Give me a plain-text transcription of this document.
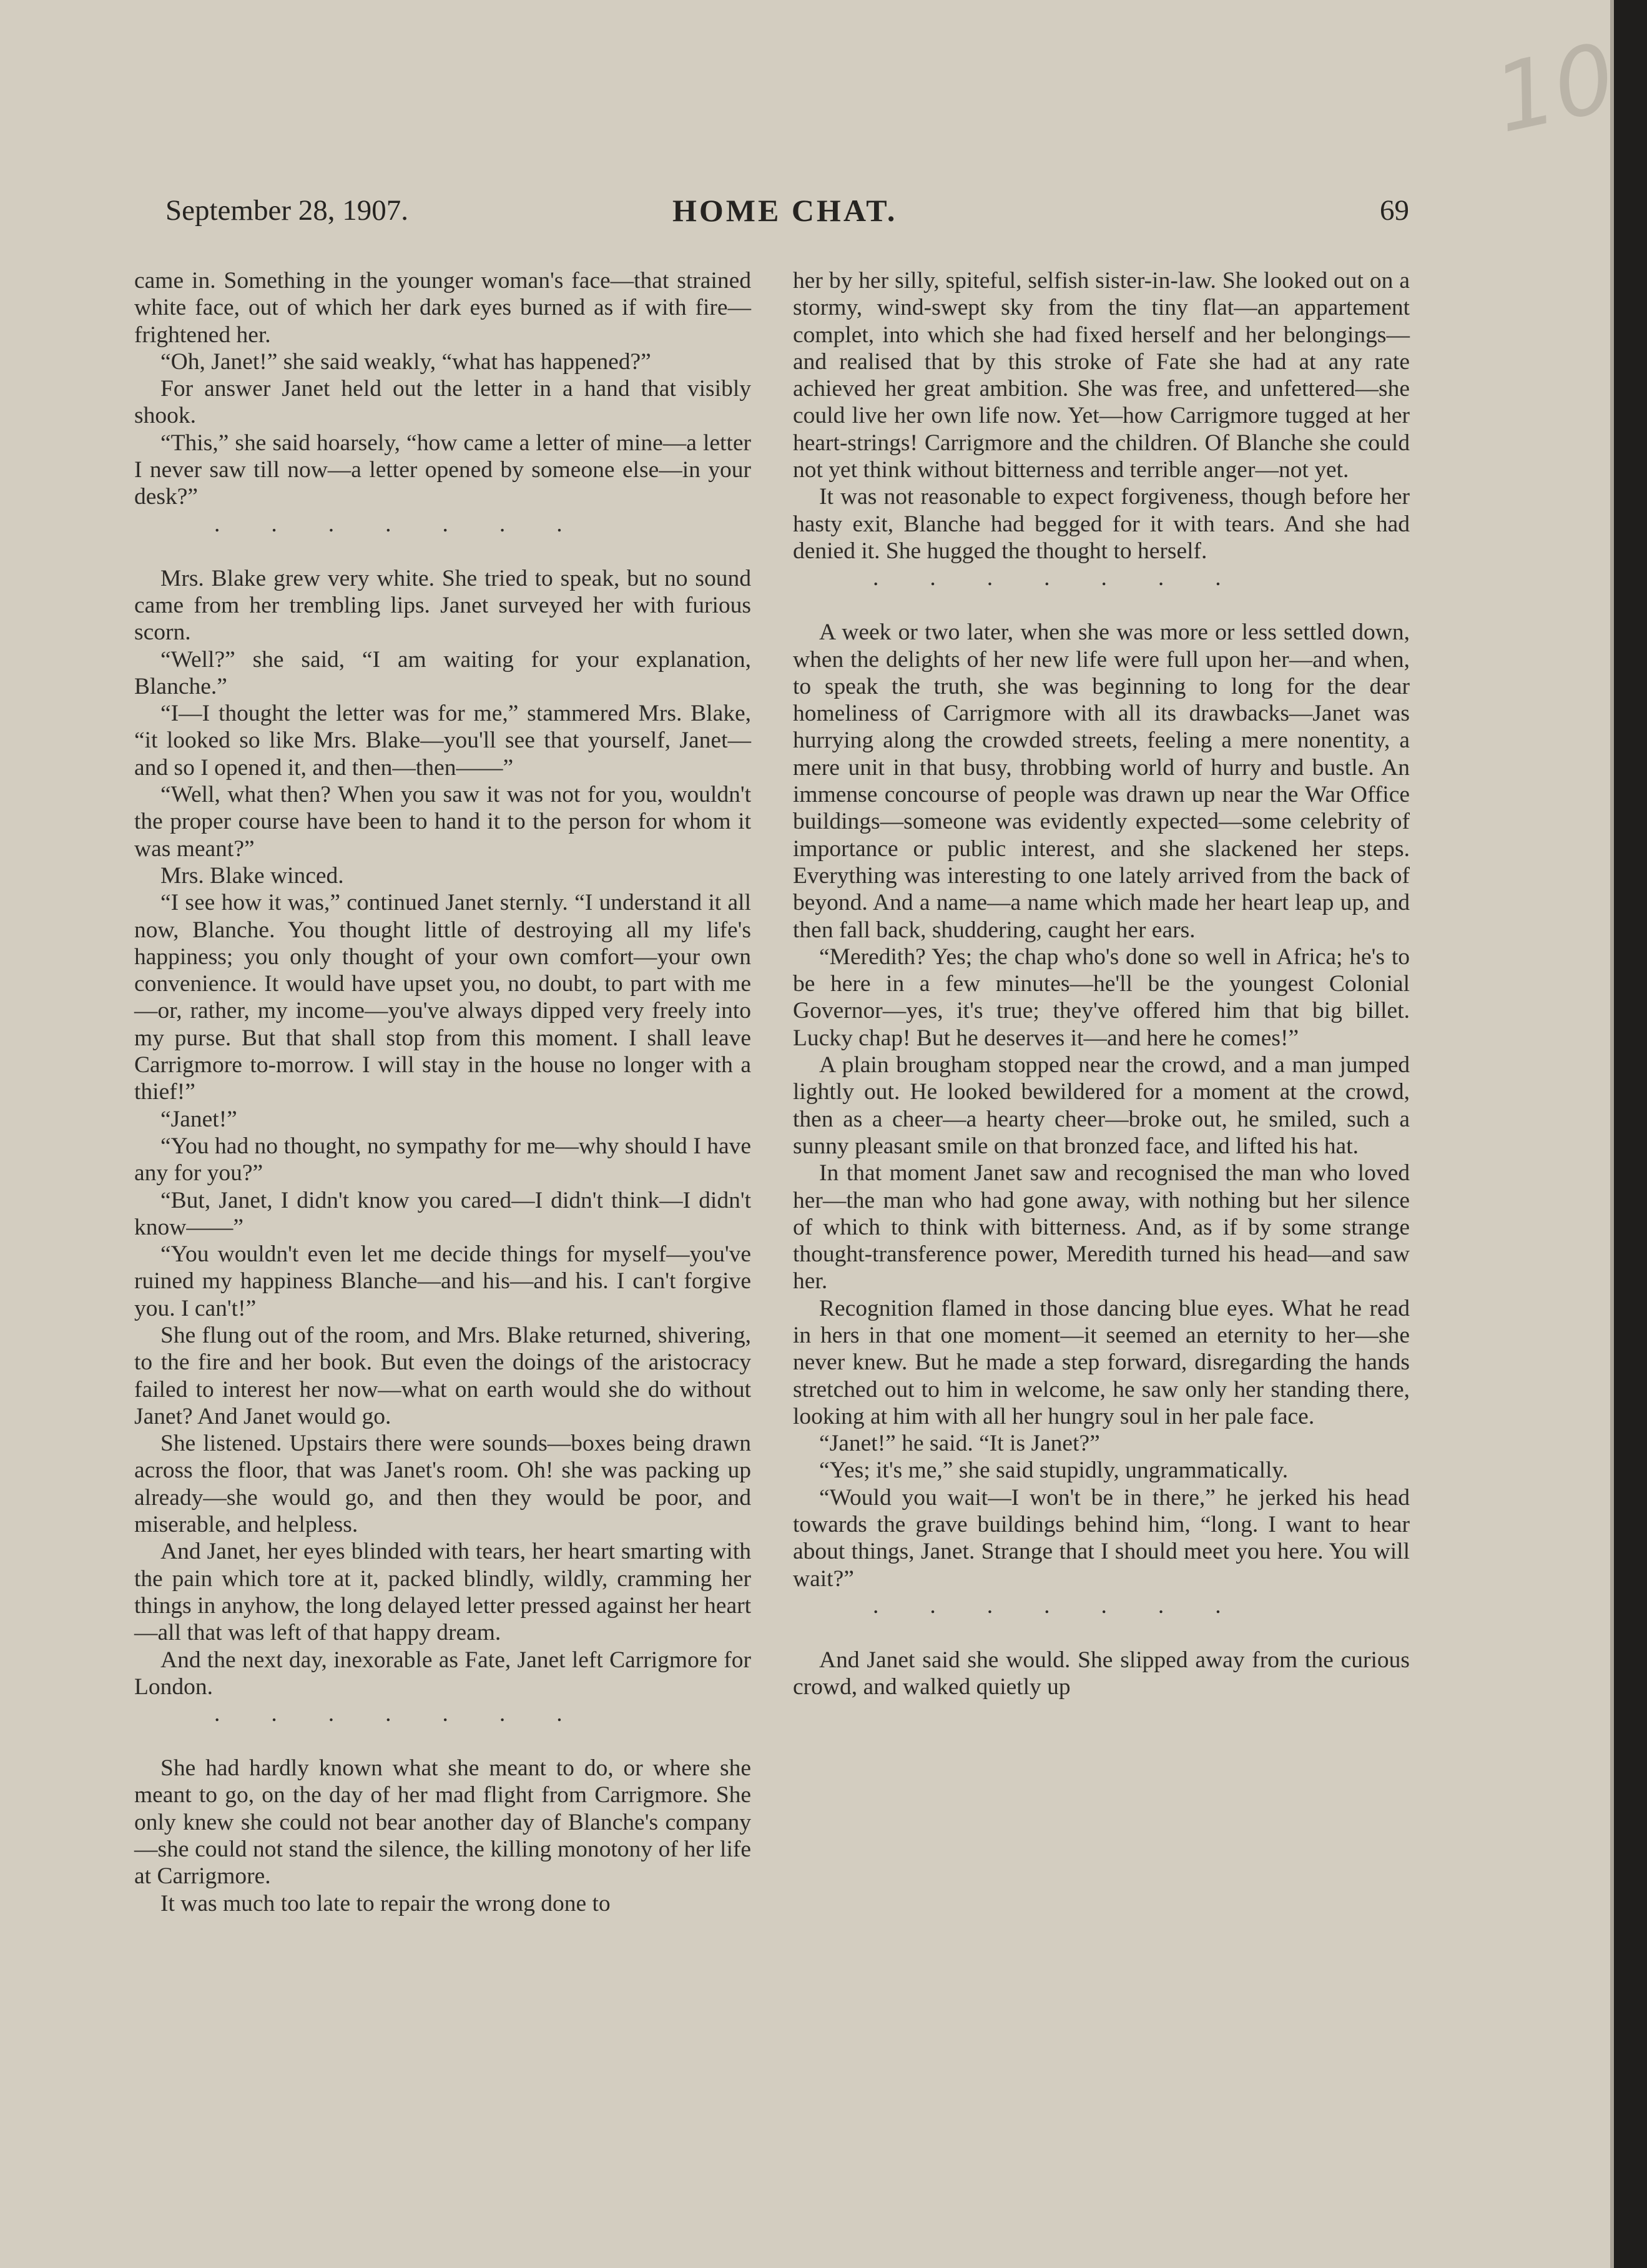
10
September 28, 1907.	HOME CHAT.	69

came in. Something in the younger woman's face—that strained white face, out of which her dark eyes burned as if with fire—frightened her.

“Oh, Janet!” she said weakly, “what has happened?”

For answer Janet held out the letter in a hand that visibly shook.

“This,” she said hoarsely, “how came a letter of mine—a letter I never saw till now—a letter opened by someone else—in your desk?”

.......

Mrs. Blake grew very white. She tried to speak, but no sound came from her trembling lips. Janet surveyed her with furious scorn.

“Well?” she said, “I am waiting for your explanation, Blanche.”

“I—I thought the letter was for me,” stammered Mrs. Blake, “it looked so like Mrs. Blake—you'll see that yourself, Janet—and so I opened it, and then—then——”

“Well, what then? When you saw it was not for you, wouldn't the proper course have been to hand it to the person for whom it was meant?”

Mrs. Blake winced.

“I see how it was,” continued Janet sternly. “I understand it all now, Blanche. You thought little of destroying all my life's happiness; you only thought of your own comfort—your own convenience. It would have upset you, no doubt, to part with me—or, rather, my income—you've always dipped very freely into my purse. But that shall stop from this moment. I shall leave Carrigmore to-morrow. I will stay in the house no longer with a thief!”

“Janet!”

“You had no thought, no sympathy for me—why should I have any for you?”

“But, Janet, I didn't know you cared—I didn't think—I didn't know——”

“You wouldn't even let me decide things for myself—you've ruined my happiness Blanche—and his—and his. I can't forgive you. I can't!”

She flung out of the room, and Mrs. Blake returned, shivering, to the fire and her book. But even the doings of the aristocracy failed to interest her now—what on earth would she do without Janet? And Janet would go.

She listened. Upstairs there were sounds—boxes being drawn across the floor, that was Janet's room. Oh! she was packing up already—she would go, and then they would be poor, and miserable, and helpless.

And Janet, her eyes blinded with tears, her heart smarting with the pain which tore at it, packed blindly, wildly, cramming her things in anyhow, the long delayed letter pressed against her heart—all that was left of that happy dream.

And the next day, inexorable as Fate, Janet left Carrigmore for London.

.......

She had hardly known what she meant to do, or where she meant to go, on the day of her mad flight from Carrigmore. She only knew she could not bear another day of Blanche's company—she could not stand the silence, the killing monotony of her life at Carrigmore.

It was much too late to repair the wrong done to

her by her silly, spiteful, selfish sister-in-law. She looked out on a stormy, wind-swept sky from the tiny flat—an appartement complet, into which she had fixed herself and her belongings—and realised that by this stroke of Fate she had at any rate achieved her great ambition. She was free, and unfettered—she could live her own life now. Yet—how Carrigmore tugged at her heart-strings! Carrigmore and the children. Of Blanche she could not yet think without bitterness and terrible anger—not yet.

It was not reasonable to expect forgiveness, though before her hasty exit, Blanche had begged for it with tears. And she had denied it. She hugged the thought to herself.

.......

A week or two later, when she was more or less settled down, when the delights of her new life were full upon her—and when, to speak the truth, she was beginning to long for the dear homeliness of Carrigmore with all its drawbacks—Janet was hurrying along the crowded streets, feeling a mere nonentity, a mere unit in that busy, throbbing world of hurry and bustle. An immense concourse of people was drawn up near the War Office buildings—someone was evidently expected—some celebrity of importance or public interest, and she slackened her steps. Everything was interesting to one lately arrived from the back of beyond. And a name—a name which made her heart leap up, and then fall back, shuddering, caught her ears.

“Meredith? Yes; the chap who's done so well in Africa; he's to be here in a few minutes—he'll be the youngest Colonial Governor—yes, it's true; they've offered him that big billet. Lucky chap! But he deserves it—and here he comes!”

A plain brougham stopped near the crowd, and a man jumped lightly out. He looked bewildered for a moment at the crowd, then as a cheer—a hearty cheer—broke out, he smiled, such a sunny pleasant smile on that bronzed face, and lifted his hat.

In that moment Janet saw and recognised the man who loved her—the man who had gone away, with nothing but her silence of which to think with bitterness. And, as if by some strange thought-transference power, Meredith turned his head—and saw her.

Recognition flamed in those dancing blue eyes. What he read in hers in that one moment—it seemed an eternity to her—she never knew. But he made a step forward, disregarding the hands stretched out to him in welcome, he saw only her standing there, looking at him with all her hungry soul in her pale face.

“Janet!” he said. “It is Janet?”

“Yes; it's me,” she said stupidly, ungrammatically.

“Would you wait—I won't be in there,” he jerked his head towards the grave buildings behind him, “long. I want to hear about things, Janet. Strange that I should meet you here. You will wait?”

.......

And Janet said she would. She slipped away from the curious crowd, and walked quietly up
